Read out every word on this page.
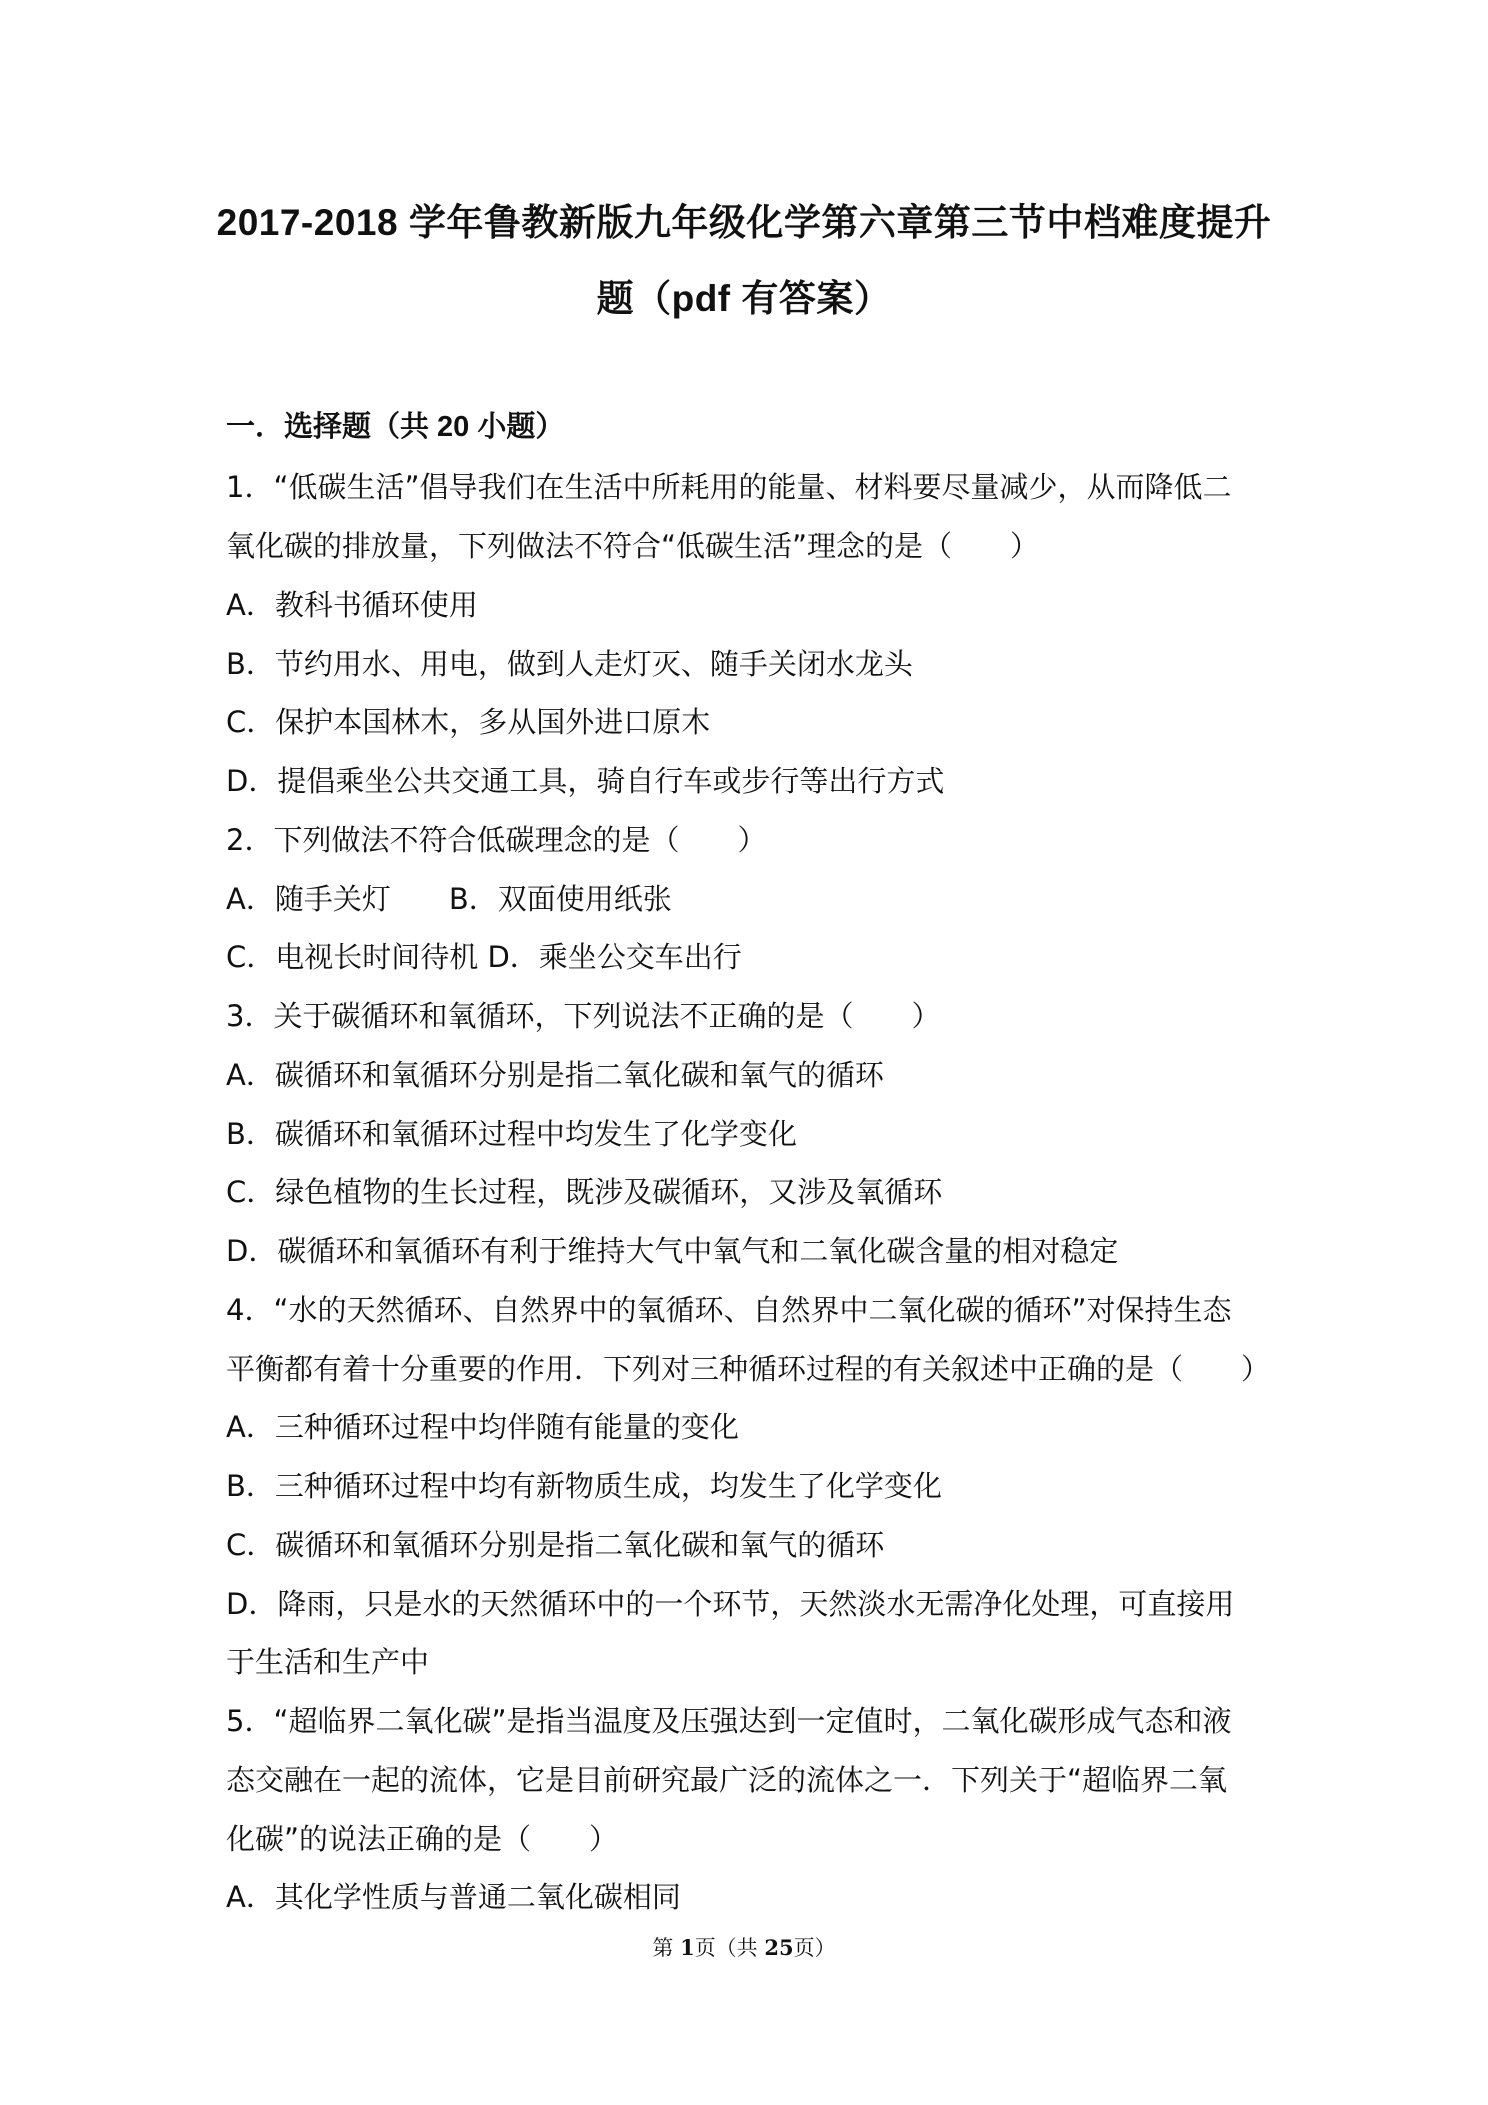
2017-2018 学年鲁教新版九年级化学第六章第三节中档难度提升
题（pdf 有答案）
一．选择题（共 20 小题）
1．“低碳生活”倡导我们在生活中所耗用的能量、材料要尽量减少，从而降低二
氧化碳的排放量，下列做法不符合“低碳生活”理念的是（　　）
A．教科书循环使用
B．节约用水、用电，做到人走灯灭、随手关闭水龙头
C．保护本国林木，多从国外进口原木
D．提倡乘坐公共交通工具，骑自行车或步行等出行方式
2．下列做法不符合低碳理念的是（　　）
A．随手关灯　　B．双面使用纸张
C．电视长时间待机 D．乘坐公交车出行
3．关于碳循环和氧循环，下列说法不正确的是（　　）
A．碳循环和氧循环分别是指二氧化碳和氧气的循环
B．碳循环和氧循环过程中均发生了化学变化
C．绿色植物的生长过程，既涉及碳循环，又涉及氧循环
D．碳循环和氧循环有利于维持大气中氧气和二氧化碳含量的相对稳定
4．“水的天然循环、自然界中的氧循环、自然界中二氧化碳的循环”对保持生态
平衡都有着十分重要的作用．下列对三种循环过程的有关叙述中正确的是（　　）
A．三种循环过程中均伴随有能量的变化
B．三种循环过程中均有新物质生成，均发生了化学变化
C．碳循环和氧循环分别是指二氧化碳和氧气的循环
D．降雨，只是水的天然循环中的一个环节，天然淡水无需净化处理，可直接用
于生活和生产中
5．“超临界二氧化碳”是指当温度及压强达到一定值时，二氧化碳形成气态和液
态交融在一起的流体，它是目前研究最广泛的流体之一．下列关于“超临界二氧
化碳”的说法正确的是（　　）
A．其化学性质与普通二氧化碳相同
第 1页（共 25页）
